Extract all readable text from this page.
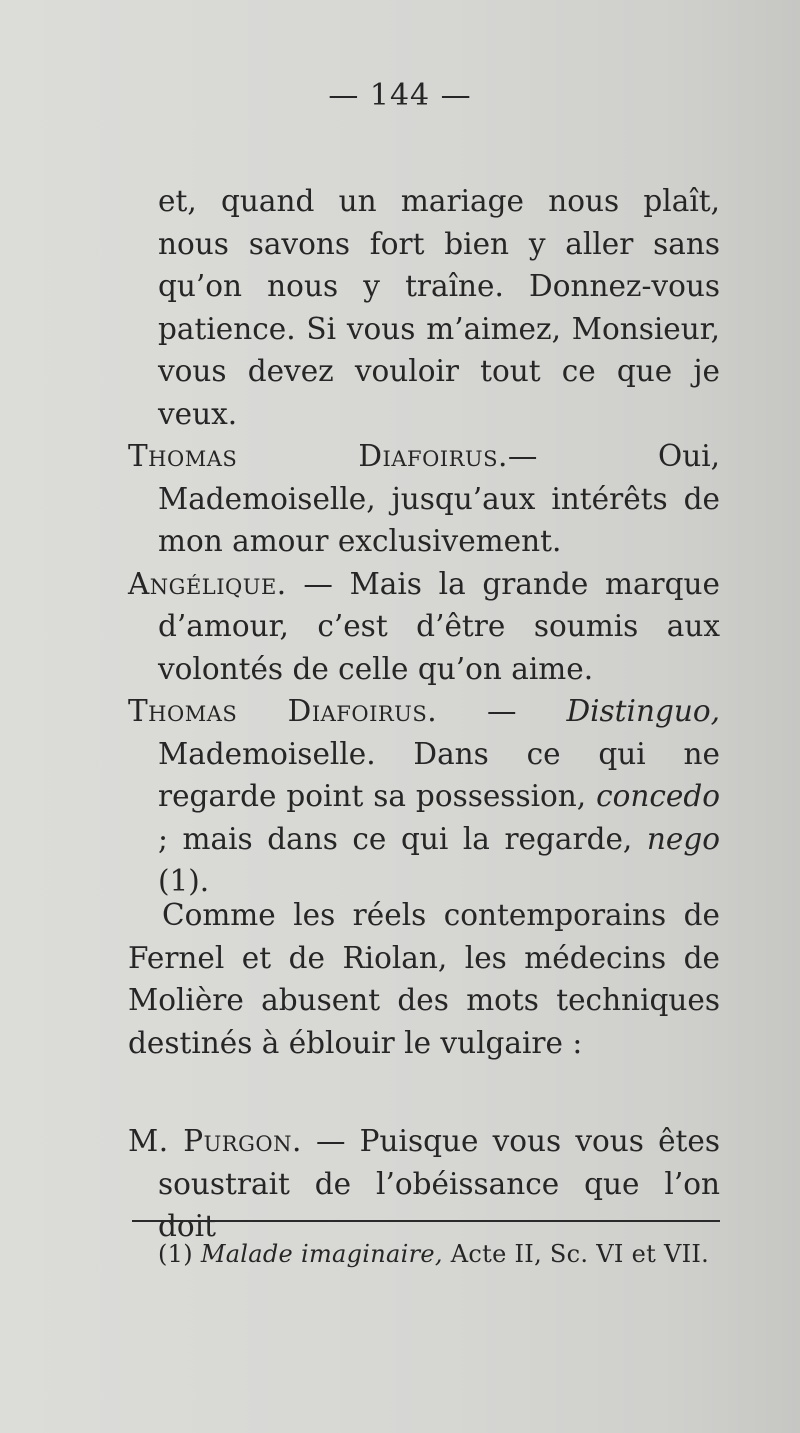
— 144 —

et, quand un mariage nous plaît, nous savons fort bien y aller sans qu’on nous y traîne. Donnez-vous patience. Si vous m’aimez, Monsieur, vous devez vouloir tout ce que je veux.

Thomas Diafoirus.— Oui, Mademoiselle, jusqu’aux intérêts de mon amour exclusivement.

Angélique. — Mais la grande marque d’amour, c’est d’être soumis aux volontés de celle qu’on aime.

Thomas Diafoirus. — Distinguo, Mademoiselle. Dans ce qui ne regarde point sa possession, concedo ; mais dans ce qui la regarde, nego (1).

Comme les réels contemporains de Fernel et de Riolan, les médecins de Molière abusent des mots techniques destinés à éblouir le vulgaire :

M. Purgon. — Puisque vous vous êtes soustrait de l’obéissance que l’on doit

(1) Malade imaginaire, Acte II, Sc. VI et VII.
